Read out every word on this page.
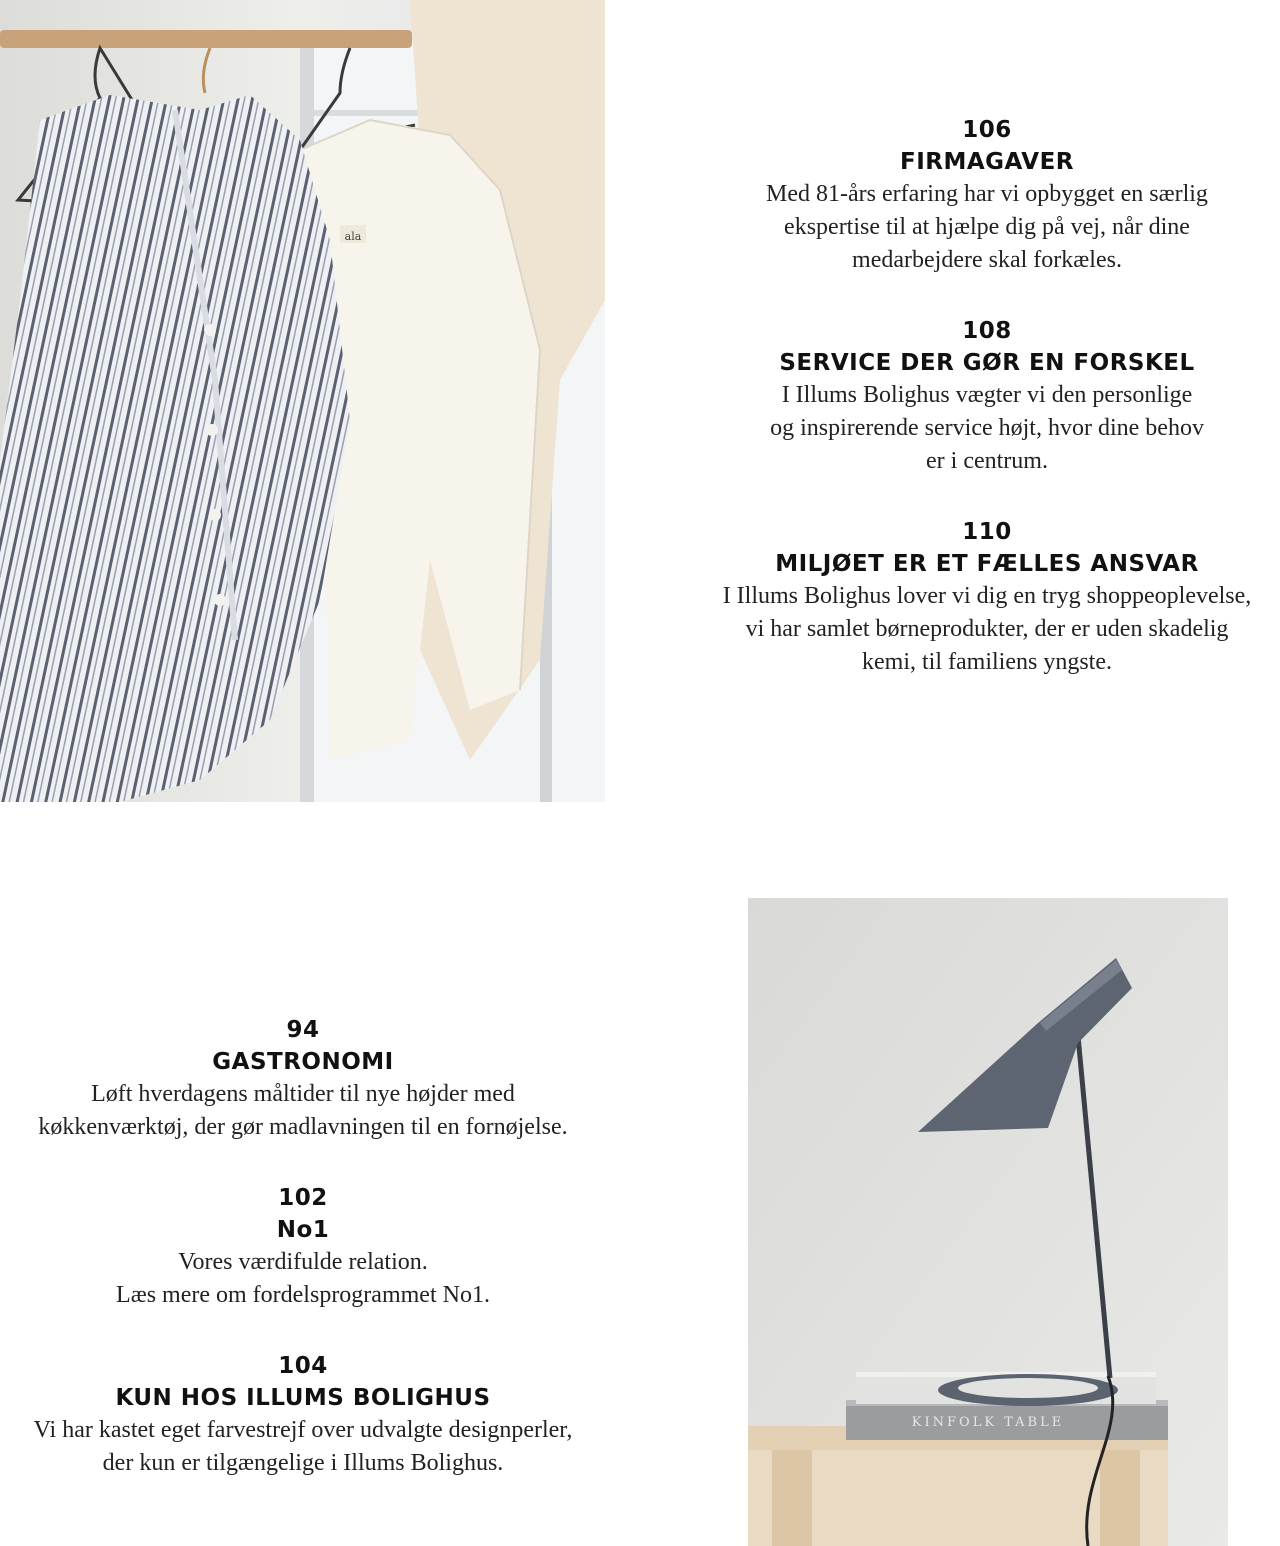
ala
106
FIRMAGAVER
Med 81-års erfaring har vi opbygget en særlig
ekspertise til at hjælpe dig på vej, når dine
medarbejdere skal forkæles.
108
SERVICE DER GØR EN FORSKEL
I Illums Bolighus vægter vi den personlige
og inspirerende service højt, hvor dine behov
er i centrum.
110
MILJØET ER ET FÆLLES ANSVAR
I Illums Bolighus lover vi dig en tryg shoppeoplevelse,
vi har samlet børneprodukter, der er uden skadelig
kemi, til familiens yngste.
94
GASTRONOMI
Løft hverdagens måltider til nye højder med
køkkenværktøj, der gør madlavningen til en fornøjelse.
102
No1
Vores værdifulde relation.
Læs mere om fordelsprogrammet No1.
104
KUN HOS ILLUMS BOLIGHUS
Vi har kastet eget farvestrejf over udvalgte designperler,
der kun er tilgængelige i Illums Bolighus.
KINFOLK TABLE
